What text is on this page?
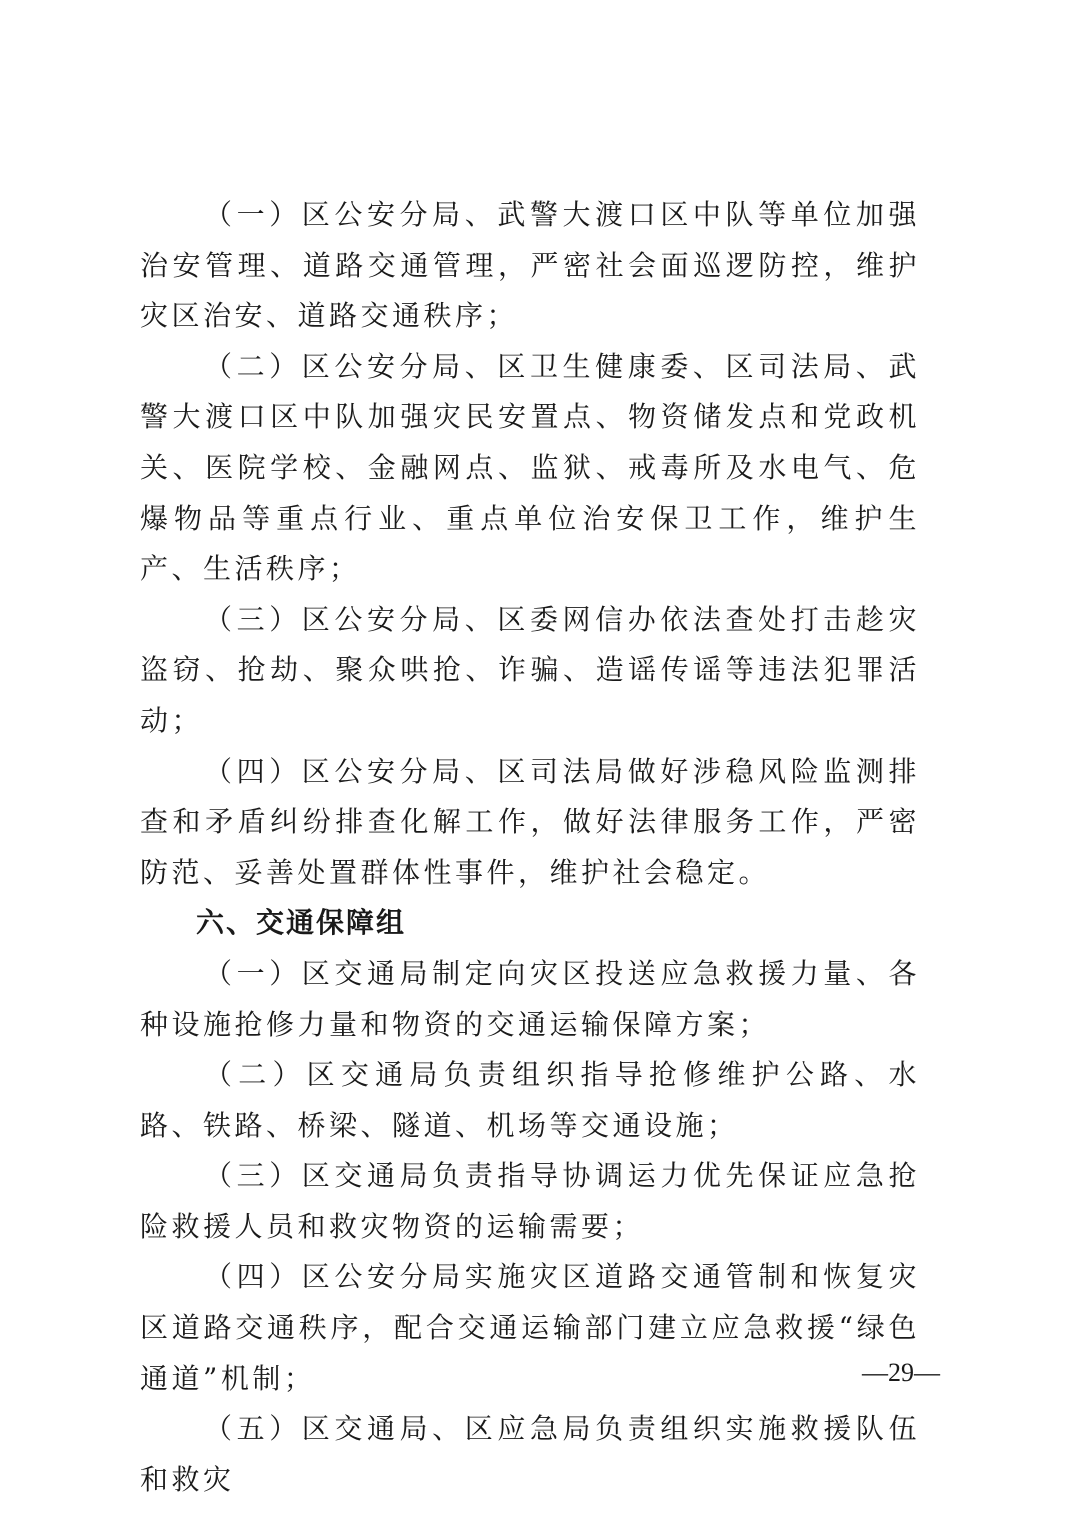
（一）区公安分局、武警大渡口区中队等单位加强治安管理、道路交通管理，严密社会面巡逻防控，维护灾区治安、道路交通秩序；

（二）区公安分局、区卫生健康委、区司法局、武警大渡口区中队加强灾民安置点、物资储发点和党政机关、医院学校、金融网点、监狱、戒毒所及水电气、危爆物品等重点行业、重点单位治安保卫工作，维护生产、生活秩序；

（三）区公安分局、区委网信办依法查处打击趁灾盗窃、抢劫、聚众哄抢、诈骗、造谣传谣等违法犯罪活动；

（四）区公安分局、区司法局做好涉稳风险监测排查和矛盾纠纷排查化解工作，做好法律服务工作，严密防范、妥善处置群体性事件，维护社会稳定。

六、交通保障组

（一）区交通局制定向灾区投送应急救援力量、各种设施抢修力量和物资的交通运输保障方案；

（二）区交通局负责组织指导抢修维护公路、水路、铁路、桥梁、隧道、机场等交通设施；

（三）区交通局负责指导协调运力优先保证应急抢险救援人员和救灾物资的运输需要；

（四）区公安分局实施灾区道路交通管制和恢复灾区道路交通秩序，配合交通运输部门建立应急救援“绿色通道”机制；

（五）区交通局、区应急局负责组织实施救援队伍和救灾

—29—
